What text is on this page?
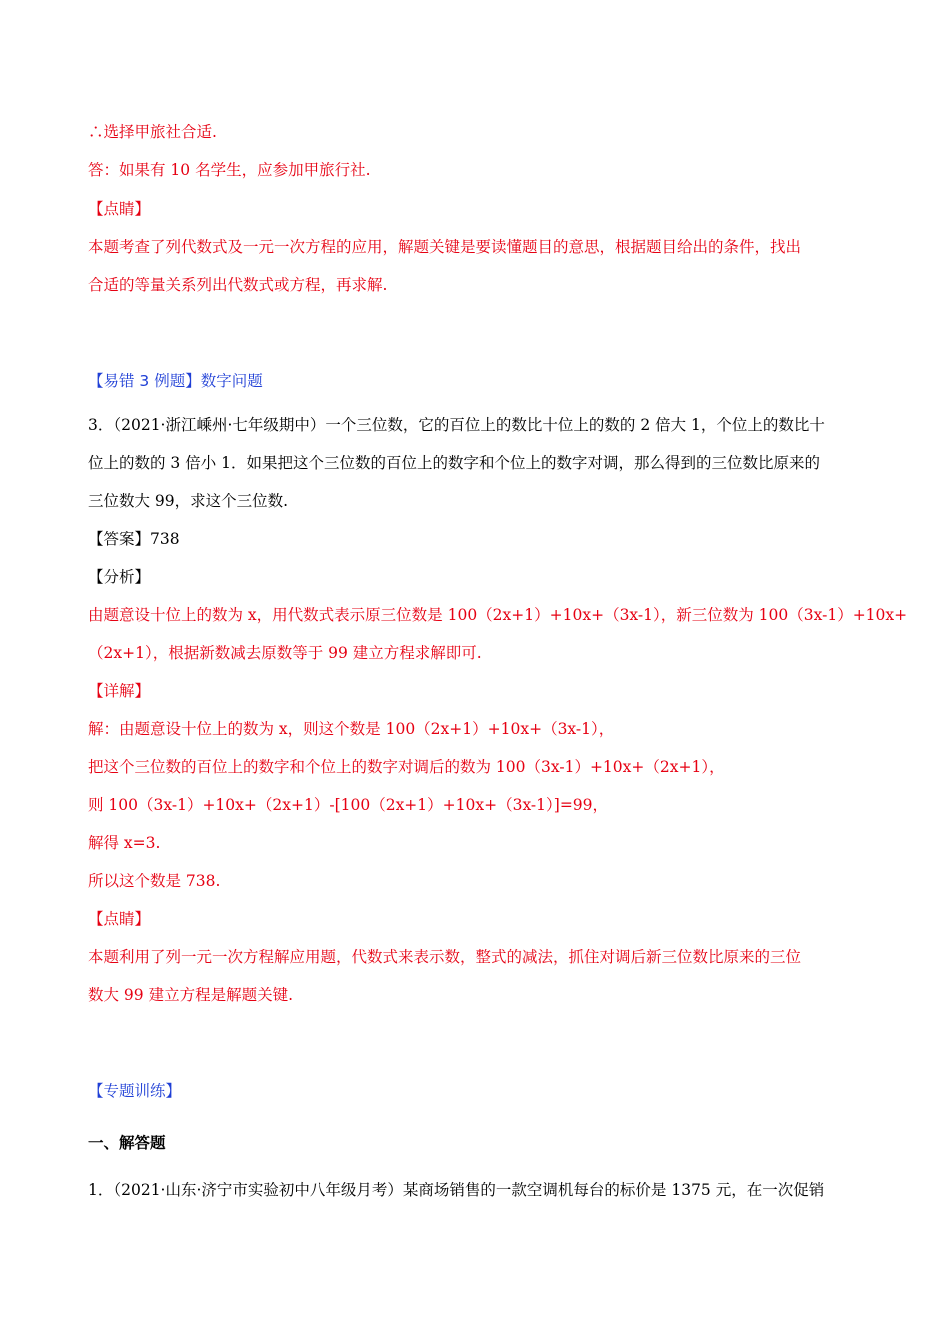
∴选择甲旅社合适.
答：如果有 10 名学生，应参加甲旅行社.
【点睛】
本题考查了列代数式及一元一次方程的应用，解题关键是要读懂题目的意思，根据题目给出的条件，找出
合适的等量关系列出代数式或方程，再求解.
【易错 3 例题】数字问题
3．（2021·浙江嵊州·七年级期中）一个三位数，它的百位上的数比十位上的数的 2 倍大 1，个位上的数比十
位上的数的 3 倍小 1．如果把这个三位数的百位上的数字和个位上的数字对调，那么得到的三位数比原来的
三位数大 99，求这个三位数.
【答案】738
【分析】
由题意设十位上的数为 x，用代数式表示原三位数是 100（2x+1）+10x+（3x-1），新三位数为 100（3x-1）+10x+
（2x+1），根据新数减去原数等于 99 建立方程求解即可.
【详解】
解：由题意设十位上的数为 x，则这个数是 100（2x+1）+10x+（3x-1），
把这个三位数的百位上的数字和个位上的数字对调后的数为 100（3x-1）+10x+（2x+1），
则 100（3x-1）+10x+（2x+1）-[100（2x+1）+10x+（3x-1）]=99，
解得 x=3.
所以这个数是 738.
【点睛】
本题利用了列一元一次方程解应用题，代数式来表示数，整式的减法，抓住对调后新三位数比原来的三位
数大 99 建立方程是解题关键.
【专题训练】
一、解答题
1．（2021·山东·济宁市实验初中八年级月考）某商场销售的一款空调机每台的标价是 1375 元，在一次促销
